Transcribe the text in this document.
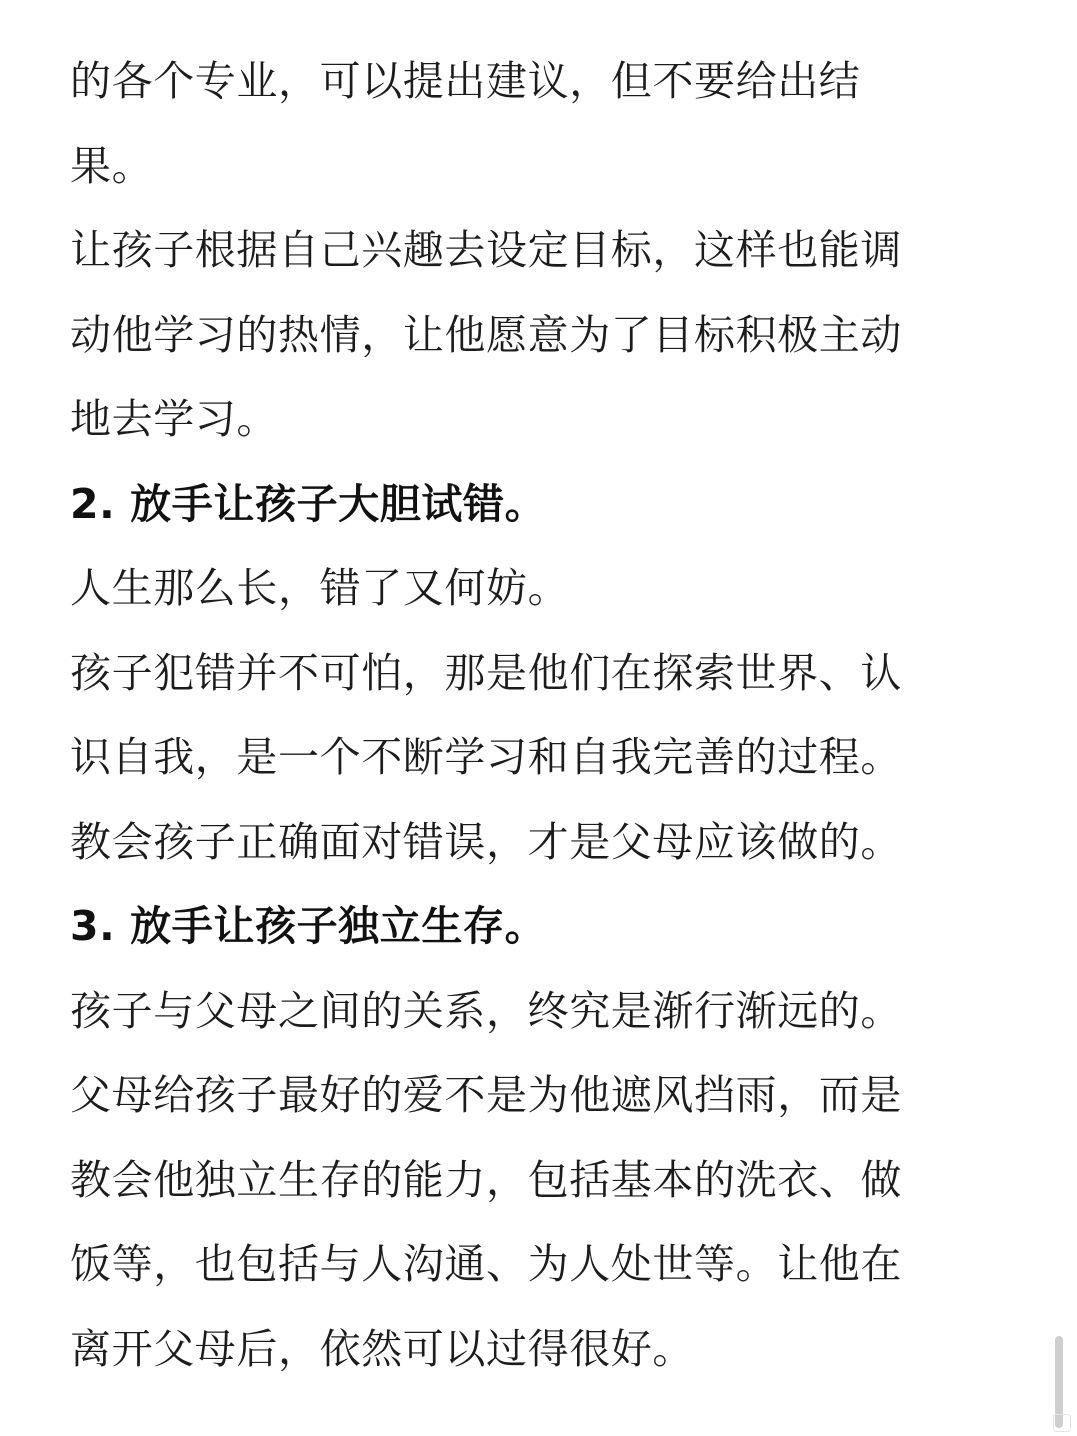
的各个专业，可以提出建议，但不要给出结
果。
让孩子根据自己兴趣去设定目标，这样也能调
动他学习的热情，让他愿意为了目标积极主动
地去学习。
2. 放手让孩子大胆试错。
人生那么长，错了又何妨。
孩子犯错并不可怕，那是他们在探索世界、认
识自我，是一个不断学习和自我完善的过程。
教会孩子正确面对错误，才是父母应该做的。
3. 放手让孩子独立生存。
孩子与父母之间的关系，终究是渐行渐远的。
父母给孩子最好的爱不是为他遮风挡雨，而是
教会他独立生存的能力，包括基本的洗衣、做
饭等，也包括与人沟通、为人处世等。让他在
离开父母后，依然可以过得很好。
